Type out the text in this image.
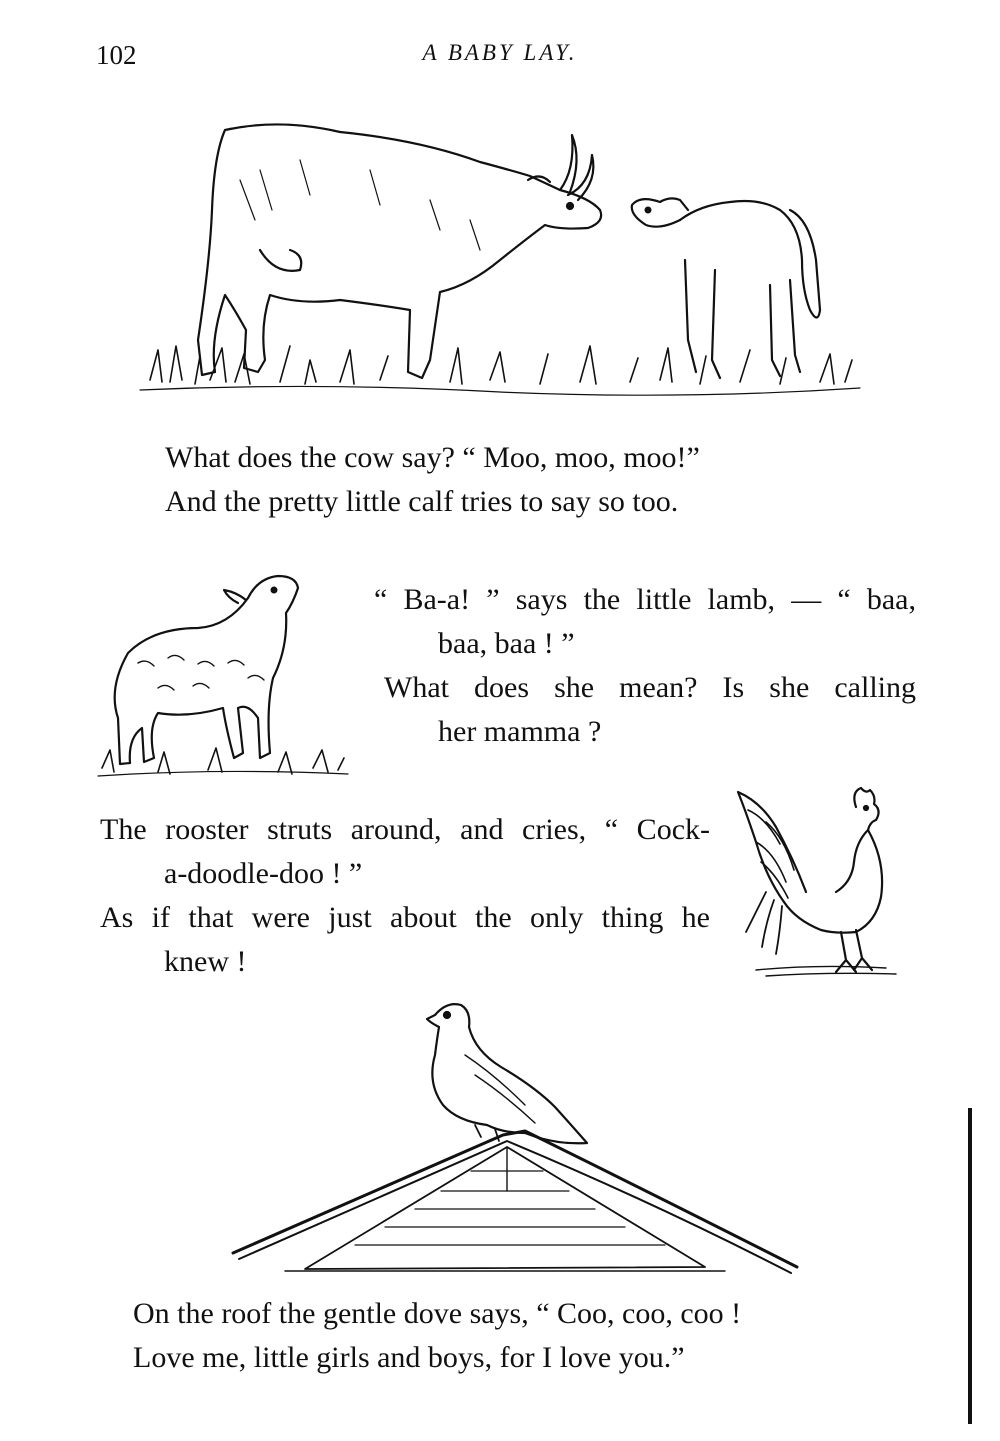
102	A BABY LAY.
What does the cow say? “ Moo, moo, moo!”
And the pretty little calf tries to say so too.
“ Ba-a! ” says the little lamb, — “ baa,
baa, baa ! ”
What does she mean? Is she calling
her mamma ?
The rooster struts around, and cries, “ Cock-
a-doodle-doo ! ”
As if that were just about the only thing he
knew !
On the roof the gentle dove says, “ Coo, coo, coo !
Love me, little girls and boys, for I love you.”
